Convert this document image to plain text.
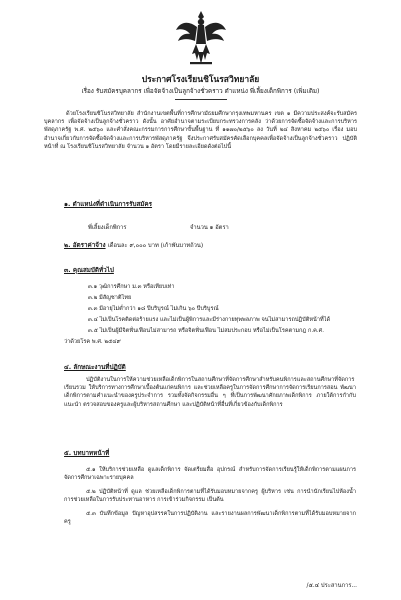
ประกาศโรงเรียนชิโนรสวิทยาลัย
เรื่อง รับสมัครบุคลากร เพื่อจัดจ้างเป็นลูกจ้างชั่วคราว ตำแหน่ง พี่เลี้ยงเด็กพิการ (เพิ่มเติม)

ด้วยโรงเรียนชิโนรสวิทยาลัย สำนักงานเขตพื้นที่การศึกษามัธยมศึกษากรุงเทพมหานคร เขต ๑ มีความประสงค์จะรับสมัครบุคลากร เพื่อจัดจ้างเป็นลูกจ้างชั่วคราว ดังนั้น อาศัยอำนาจตามระเบียบกระทรวงการคลัง ว่าด้วยการจัดซื้อจัดจ้างและการบริหารพัสดุภาครัฐ พ.ศ. ๒๕๖๐ และคำสั่งคณะกรรมการการศึกษาขั้นพื้นฐาน ที่ ๑๑๗๐/๒๕๖๐ ลง วันที่ ๒๔ สิงหาคม ๒๕๖๐ เรื่อง มอบอำนาจเกี่ยวกับการจัดซื้อจัดจ้างและการบริหารพัสดุภาครัฐ จึงประกาศรับสมัครคัดเลือกบุคคลเพื่อจัดจ้างเป็นลูกจ้างชั่วคราว ปฏิบัติหน้าที่ ณ โรงเรียนชิโนรสวิทยาลัย จำนวน ๑ อัตรา โดยมีรายละเอียดดังต่อไปนี้

๑. ตำแหน่งที่ดำเนินการรับสมัคร

พี่เลี้ยงเด็กพิการ	จำนวน ๑ อัตรา

๒. อัตราค่าจ้าง เดือนละ ๙,๐๐๐ บาท (เก้าพันบาทถ้วน)

๓. คุณสมบัติทั่วไป

๓.๑ วุฒิการศึกษา ม.๓ หรือเทียบเท่า

๓.๒ มีสัญชาติไทย

๓.๓ มีอายุไม่ต่ำกว่า ๑๘ ปีบริบูรณ์ ไม่เกิน ๖๐ ปีบริบูรณ์

๓.๔ ไม่เป็นโรคติดต่อร้ายแรง และไม่เป็นผู้พิการและมีร่างกายทุพพลภาพ จนไม่สามารถปฏิบัติหน้าที่ได้

๓.๕ ไม่เป็นผู้มีจิตฟั่นเฟือนไม่สามารถ หรือจิตฟั่นเฟือน ไม่สมประกอบ หรือไม่เป็นโรคตามกฎ ก.ค.ศ.

ว่าด้วยโรค พ.ศ. ๒๕๔๙

๔. ลักษณะงานที่ปฏิบัติ

ปฏิบัติงานในการให้ความช่วยเหลือเด็กพิการในสถานศึกษาที่จัดการศึกษาสำหรับคนพิการและสถานศึกษาที่จัดการเรียนรวม ให้บริการทางการศึกษาเบื้องต้นแก่คนพิการ และช่วยเหลือครูในการจัดการศึกษาการจัดการเรียนการสอน พัฒนาเด็กพิการตามคำแนะนำของครูประจำการ รวมทั้งจัดกิจกรรมอื่น ๆ ที่เป็นการพัฒนาศักยภาพเด็กพิการ ภายใต้การกำกับ แนะนำ ตรวจสอบของครูและผู้บริหารสถานศึกษา และปฏิบัติหน้าที่อื่นที่เกี่ยวข้องกับเด็กพิการ

๕. บทบาทหน้าที่

๕.๑ ให้บริการช่วยเหลือ ดูแลเด็กพิการ จัดเตรียมสื่อ อุปกรณ์ สำหรับการจัดการเรียนรู้ให้เด็กพิการตามแผนการจัดการศึกษาเฉพาะรายบุคคล

๕.๒ ปฏิบัติหน้าที่ ดูแล ช่วยเหลือเด็กพิการตามที่ได้รับมอบหมายจากครู ผู้บริหาร เช่น การนำนักเรียนไปห้องน้ำ การช่วยเหลือในการรับประทานอาหาร การเข้าร่วมกิจกรรม เป็นต้น

๕.๓ บันทึกข้อมูล ปัญหาอุปสรรคในการปฏิบัติงาน และรายงานผลการพัฒนาเด็กพิการตามที่ได้รับมอบหมายจากครู

/๕.๔ ประสานการ...
